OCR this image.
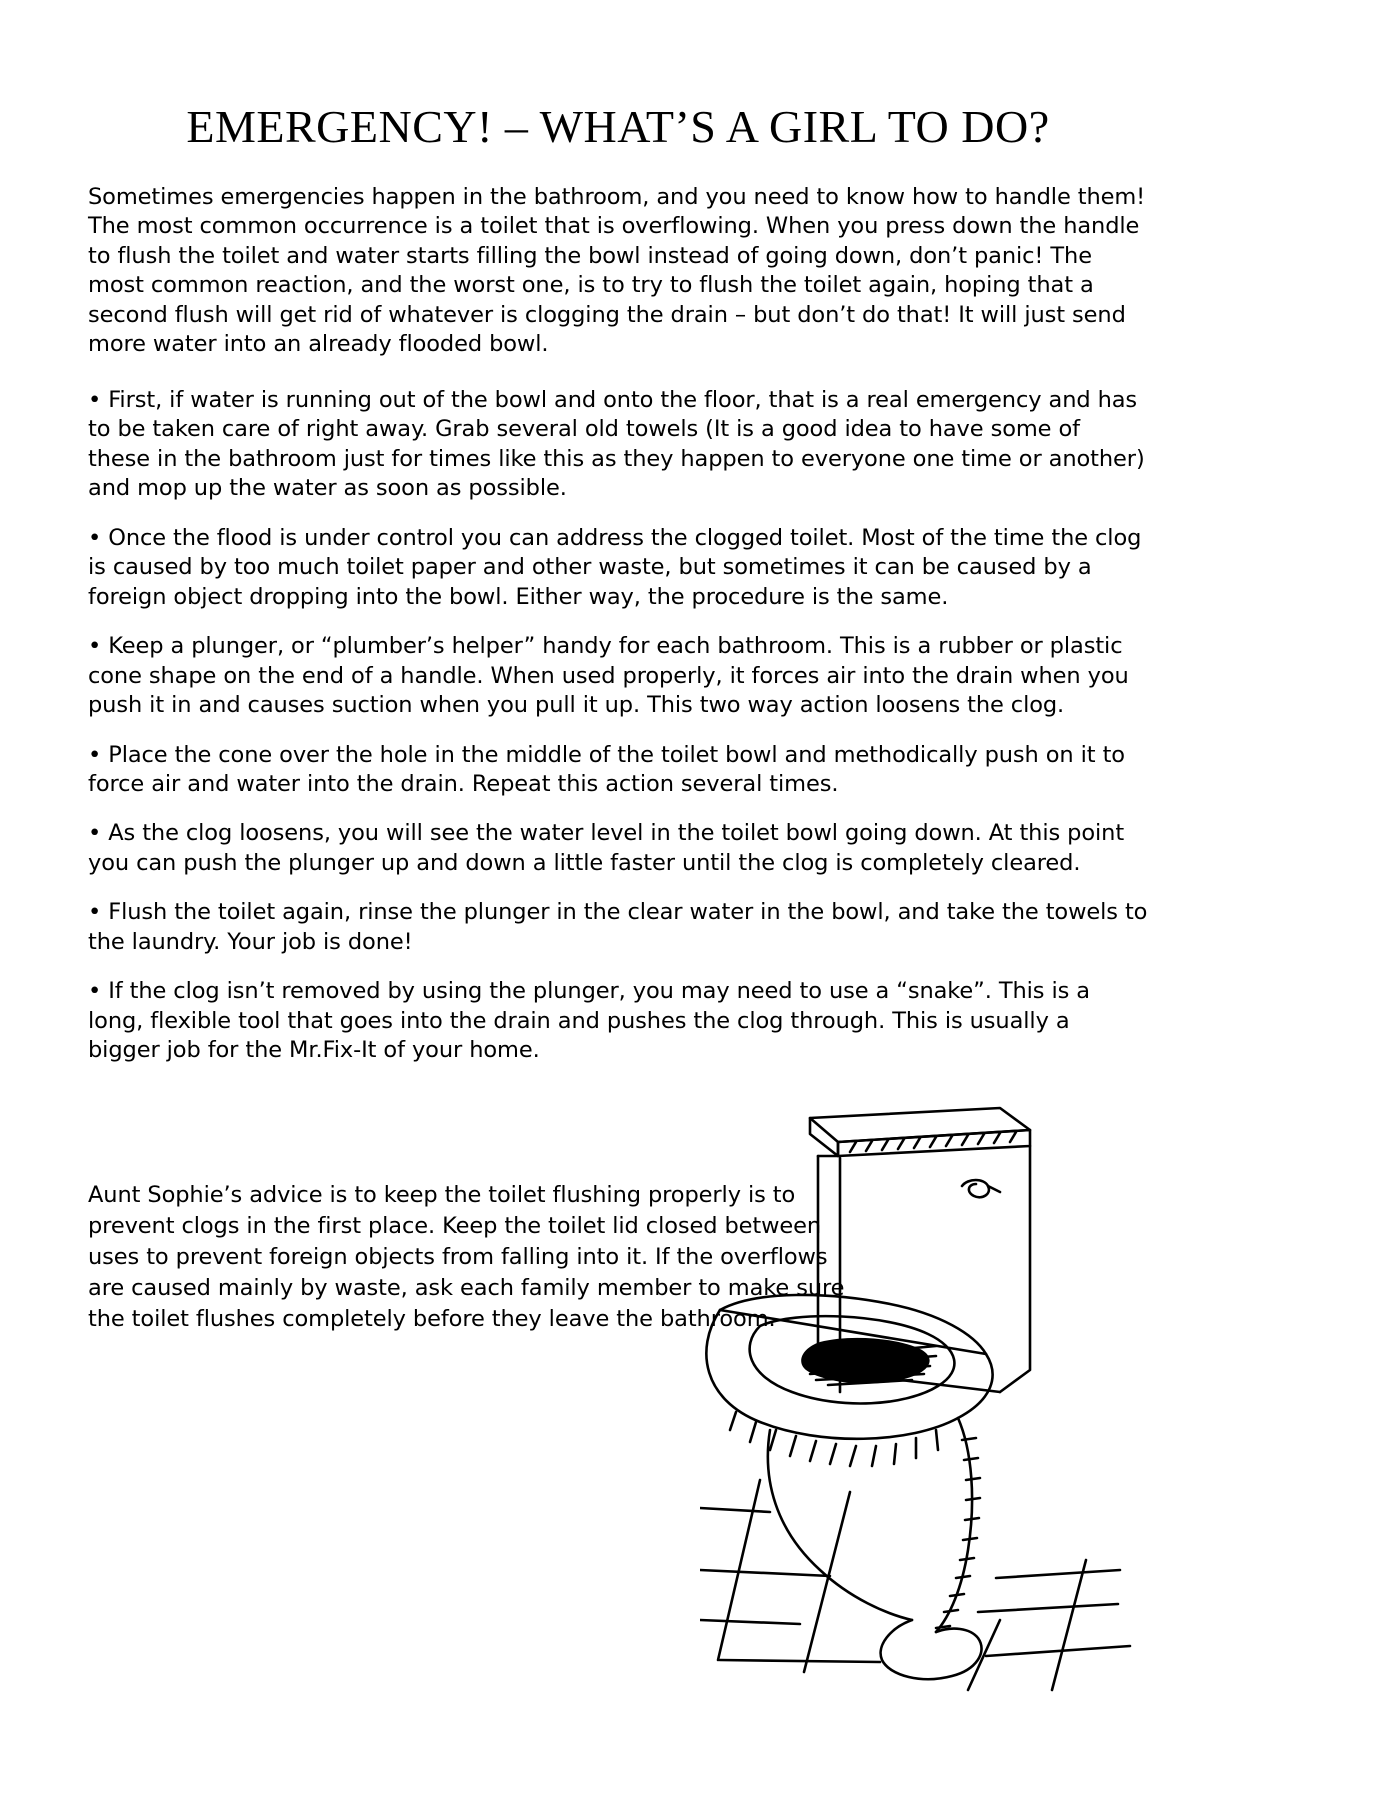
EMERGENCY! – WHAT’S A GIRL TO DO?

Sometimes emergencies happen in the bathroom, and you need to know how to handle them! The most common occurrence is a toilet that is overflowing. When you press down the handle to flush the toilet and water starts filling the bowl instead of going down, don’t panic! The most common reaction, and the worst one, is to try to flush the toilet again, hoping that a second flush will get rid of whatever is clogging the drain – but don’t do that! It will just send more water into an already flooded bowl.

• First, if water is running out of the bowl and onto the floor, that is a real emergency and has to be taken care of right away. Grab several old towels (It is a good idea to have some of these in the bathroom just for times like this as they happen to everyone one time or another) and mop up the water as soon as possible.

• Once the flood is under control you can address the clogged toilet. Most of the time the clog is caused by too much toilet paper and other waste, but sometimes it can be caused by a foreign object dropping into the bowl. Either way, the procedure is the same.

• Keep a plunger, or “plumber’s helper” handy for each bathroom. This is a rubber or plastic cone shape on the end of a handle. When used properly, it forces air into the drain when you push it in and causes suction when you pull it up. This two way action loosens the clog.

• Place the cone over the hole in the middle of the toilet bowl and methodically push on it to force air and water into the drain. Repeat this action several times.

• As the clog loosens, you will see the water level in the toilet bowl going down. At this point you can push the plunger up and down a little faster until the clog is completely cleared.

• Flush the toilet again, rinse the plunger in the clear water in the bowl, and take the towels to the laundry. Your job is done!

• If the clog isn’t removed by using the plunger, you may need to use a “snake”. This is a long, flexible tool that goes into the drain and pushes the clog through. This is usually a bigger job for the Mr.Fix-It of your home.

Aunt Sophie’s advice is to keep the toilet flushing properly is to prevent clogs in the first place. Keep the toilet lid closed between uses to prevent foreign objects from falling into it. If the overflows are caused mainly by waste, ask each family member to make sure the toilet flushes completely before they leave the bathroom.
